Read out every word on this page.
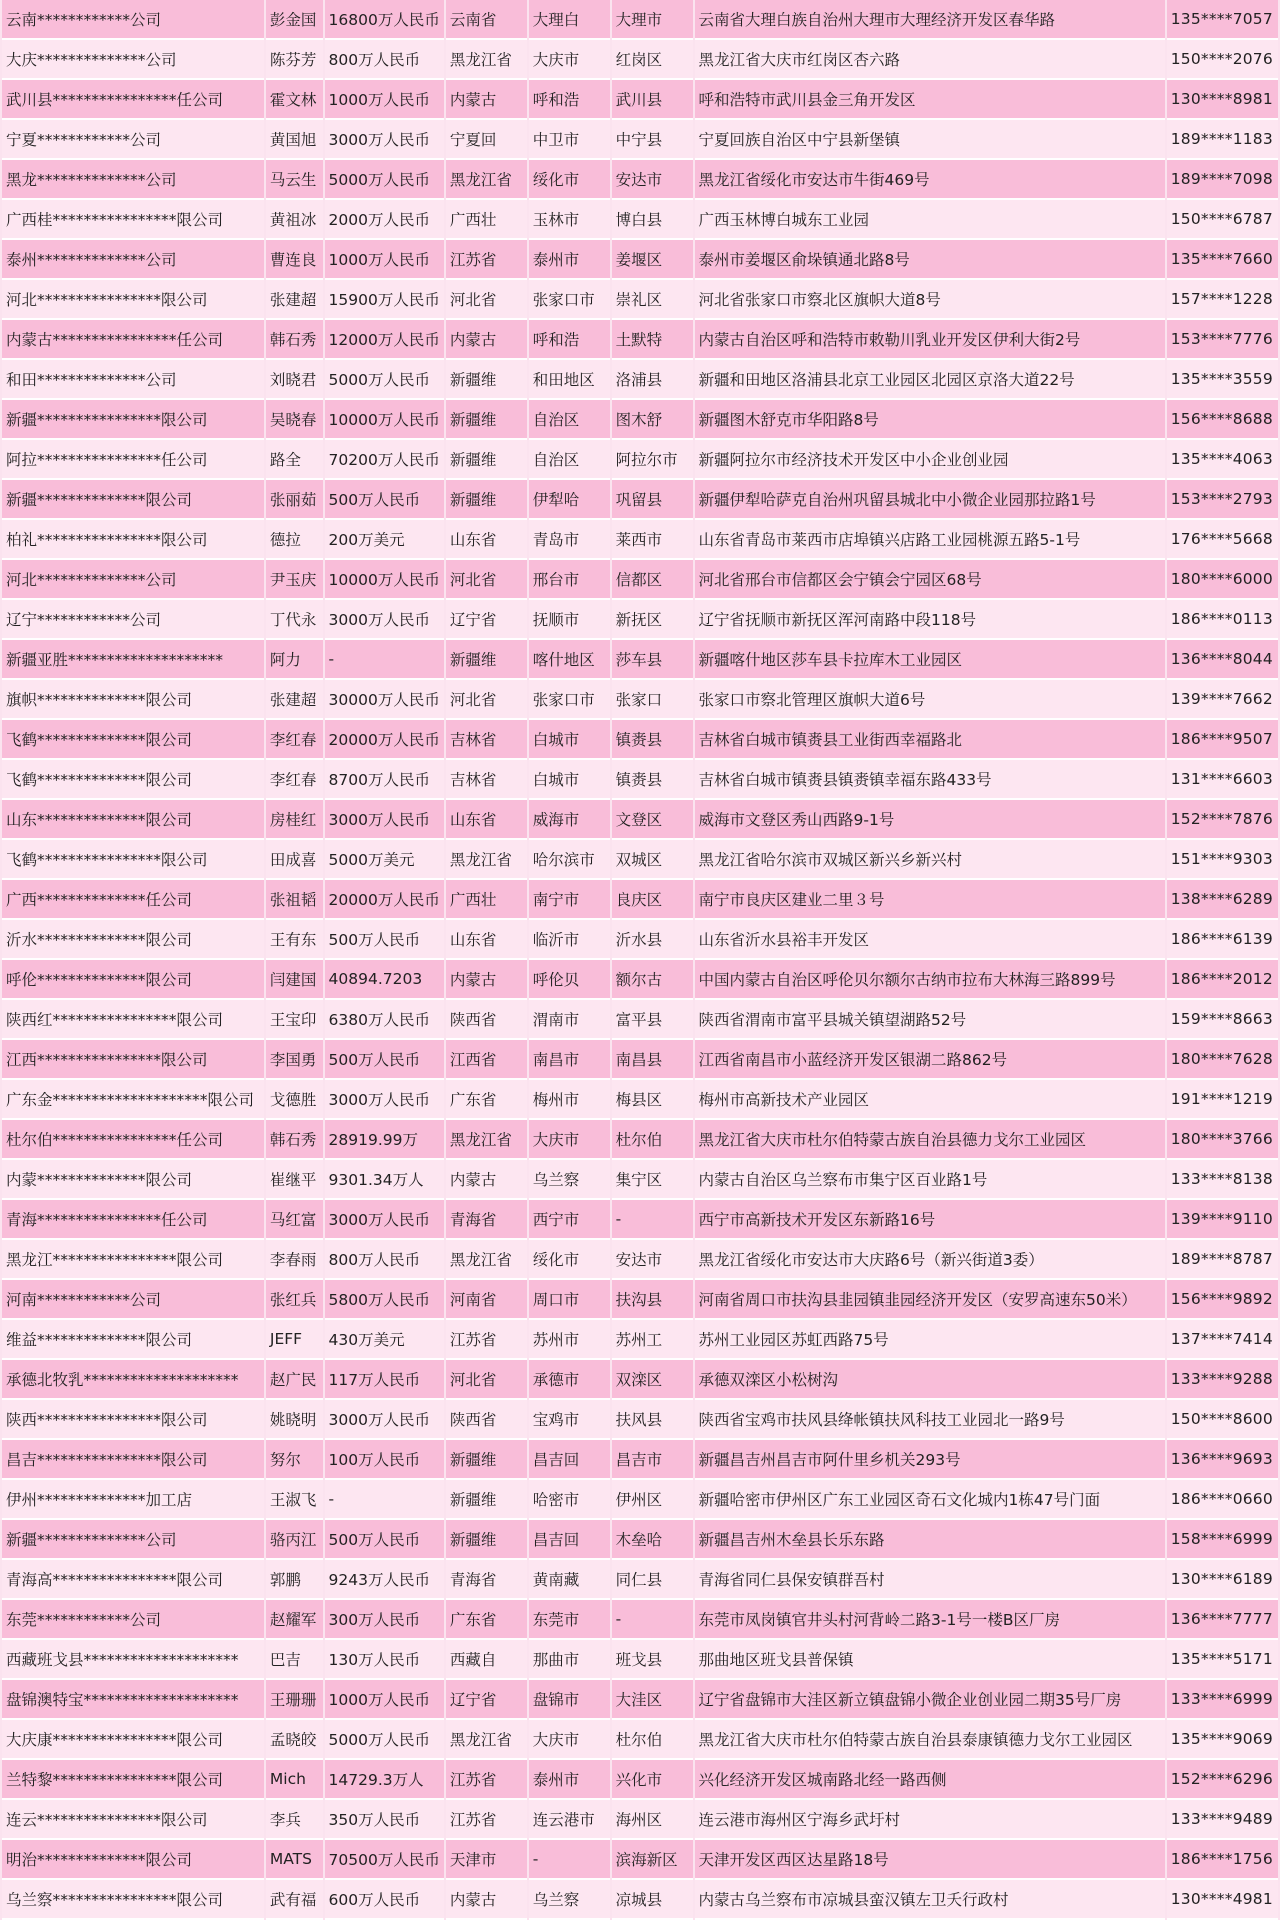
云南************公司	彭金国	16800万人民币	云南省	大理白	大理市	云南省大理白族自治州大理市大理经济开发区春华路	135****7057
大庆**************公司	陈芬芳	800万人民币	黑龙江省	大庆市	红岗区	黑龙江省大庆市红岗区杏六路	150****2076
武川县****************任公司	霍文林	1000万人民币	内蒙古	呼和浩	武川县	呼和浩特市武川县金三角开发区	130****8981
宁夏************公司	黄国旭	3000万人民币	宁夏回	中卫市	中宁县	宁夏回族自治区中宁县新堡镇	189****1183
黑龙**************公司	马云生	5000万人民币	黑龙江省	绥化市	安达市	黑龙江省绥化市安达市牛街469号	189****7098
广西桂****************限公司	黄祖冰	2000万人民币	广西壮	玉林市	博白县	广西玉林博白城东工业园	150****6787
泰州**************公司	曹连良	1000万人民币	江苏省	泰州市	姜堰区	泰州市姜堰区俞垛镇通北路8号	135****7660
河北****************限公司	张建超	15900万人民币	河北省	张家口市	崇礼区	河北省张家口市察北区旗帜大道8号	157****1228
内蒙古****************任公司	韩石秀	12000万人民币	内蒙古	呼和浩	土默特	内蒙古自治区呼和浩特市敕勒川乳业开发区伊利大街2号	153****7776
和田**************公司	刘晓君	5000万人民币	新疆维	和田地区	洛浦县	新疆和田地区洛浦县北京工业园区北园区京洛大道22号	135****3559
新疆****************限公司	吴晓春	10000万人民币	新疆维	自治区	图木舒	新疆图木舒克市华阳路8号	156****8688
阿拉****************任公司	路全	70200万人民币	新疆维	自治区	阿拉尔市	新疆阿拉尔市经济技术开发区中小企业创业园	135****4063
新疆**************限公司	张丽茹	500万人民币	新疆维	伊犁哈	巩留县	新疆伊犁哈萨克自治州巩留县城北中小微企业园那拉路1号	153****2793
柏礼****************限公司	德拉	200万美元	山东省	青岛市	莱西市	山东省青岛市莱西市店埠镇兴店路工业园桃源五路5-1号	176****5668
河北**************公司	尹玉庆	10000万人民币	河北省	邢台市	信都区	河北省邢台市信都区会宁镇会宁园区68号	180****6000
辽宁************公司	丁代永	3000万人民币	辽宁省	抚顺市	新抚区	辽宁省抚顺市新抚区浑河南路中段118号	186****0113
新疆亚胜********************	阿力	-	新疆维	喀什地区	莎车县	新疆喀什地区莎车县卡拉库木工业园区	136****8044
旗帜**************限公司	张建超	30000万人民币	河北省	张家口市	张家口	张家口市察北管理区旗帜大道6号	139****7662
飞鹤**************限公司	李红春	20000万人民币	吉林省	白城市	镇赉县	吉林省白城市镇赉县工业街西幸福路北	186****9507
飞鹤**************限公司	李红春	8700万人民币	吉林省	白城市	镇赉县	吉林省白城市镇赉县镇赉镇幸福东路433号	131****6603
山东**************限公司	房桂红	3000万人民币	山东省	威海市	文登区	威海市文登区秀山西路9-1号	152****7876
飞鹤****************限公司	田成喜	5000万美元	黑龙江省	哈尔滨市	双城区	黑龙江省哈尔滨市双城区新兴乡新兴村	151****9303
广西**************任公司	张祖韬	20000万人民币	广西壮	南宁市	良庆区	南宁市良庆区建业二里３号	138****6289
沂水**************限公司	王有东	500万人民币	山东省	临沂市	沂水县	山东省沂水县裕丰开发区	186****6139
呼伦**************限公司	闫建国	40894.7203	内蒙古	呼伦贝	额尔古	中国内蒙古自治区呼伦贝尔额尔古纳市拉布大林海三路899号	186****2012
陕西红****************限公司	王宝印	6380万人民币	陕西省	渭南市	富平县	陕西省渭南市富平县城关镇望湖路52号	159****8663
江西****************限公司	李国勇	500万人民币	江西省	南昌市	南昌县	江西省南昌市小蓝经济开发区银湖二路862号	180****7628
广东金********************限公司	戈德胜	3000万人民币	广东省	梅州市	梅县区	梅州市高新技术产业园区	191****1219
杜尔伯****************任公司	韩石秀	28919.99万	黑龙江省	大庆市	杜尔伯	黑龙江省大庆市杜尔伯特蒙古族自治县德力戈尔工业园区	180****3766
内蒙**************限公司	崔继平	9301.34万人	内蒙古	乌兰察	集宁区	内蒙古自治区乌兰察布市集宁区百业路1号	133****8138
青海****************任公司	马红富	3000万人民币	青海省	西宁市	-	西宁市高新技术开发区东新路16号	139****9110
黑龙江****************限公司	李春雨	800万人民币	黑龙江省	绥化市	安达市	黑龙江省绥化市安达市大庆路6号（新兴街道3委）	189****8787
河南************公司	张红兵	5800万人民币	河南省	周口市	扶沟县	河南省周口市扶沟县韭园镇韭园经济开发区（安罗高速东50米）	156****9892
维益**************限公司	JEFF	430万美元	江苏省	苏州市	苏州工	苏州工业园区苏虹西路75号	137****7414
承德北牧乳********************	赵广民	117万人民币	河北省	承德市	双滦区	承德双滦区小松树沟	133****9288
陕西****************限公司	姚晓明	3000万人民币	陕西省	宝鸡市	扶风县	陕西省宝鸡市扶风县绛帐镇扶风科技工业园北一路9号	150****8600
昌吉****************限公司	努尔	100万人民币	新疆维	昌吉回	昌吉市	新疆昌吉州昌吉市阿什里乡机关293号	136****9693
伊州**************加工店	王淑飞	-	新疆维	哈密市	伊州区	新疆哈密市伊州区广东工业园区奇石文化城内1栋47号门面	186****0660
新疆**************公司	骆丙江	500万人民币	新疆维	昌吉回	木垒哈	新疆昌吉州木垒县长乐东路	158****6999
青海高****************限公司	郭鹏	9243万人民币	青海省	黄南藏	同仁县	青海省同仁县保安镇群吾村	130****6189
东莞************公司	赵耀军	300万人民币	广东省	东莞市	-	东莞市凤岗镇官井头村河背岭二路3-1号一楼B区厂房	136****7777
西藏班戈县********************	巴吉	130万人民币	西藏自	那曲市	班戈县	那曲地区班戈县普保镇	135****5171
盘锦澳特宝********************	王珊珊	1000万人民币	辽宁省	盘锦市	大洼区	辽宁省盘锦市大洼区新立镇盘锦小微企业创业园二期35号厂房	133****6999
大庆康****************限公司	孟晓皎	5000万人民币	黑龙江省	大庆市	杜尔伯	黑龙江省大庆市杜尔伯特蒙古族自治县泰康镇德力戈尔工业园区	135****9069
兰特黎****************限公司	Mich	14729.3万人	江苏省	泰州市	兴化市	兴化经济开发区城南路北经一路西侧	152****6296
连云****************限公司	李兵	350万人民币	江苏省	连云港市	海州区	连云港市海州区宁海乡武圩村	133****9489
明治**************限公司	MATS	70500万人民币	天津市	-	滨海新区	天津开发区西区达星路18号	186****1756
乌兰察****************限公司	武有福	600万人民币	内蒙古	乌兰察	凉城县	内蒙古乌兰察布市凉城县蛮汉镇左卫夭行政村	130****4981
